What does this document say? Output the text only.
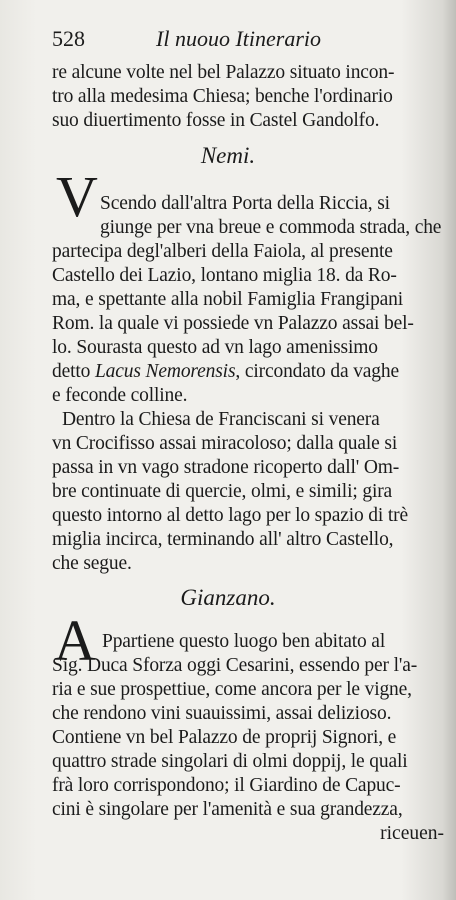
528	Il nuouo Itinerario
re alcune volte nel bel Palazzo situato incon-
tro alla medesima Chiesa; benche l'ordinario
suo diuertimento fosse in Castel Gandolfo.
Nemi.
V Scendo dall'altra Porta della Riccia, si
giunge per vna breue e commoda strada, che
partecipa degl'alberi della Faiola, al presente
Castello dei Lazio, lontano miglia 18. da Ro-
ma, e spettante alla nobil Famiglia Frangipani
Rom. la quale vi possiede vn Palazzo assai bel-
lo. Sourasta questo ad vn lago amenissimo
detto Lacus Nemorensis, circondato da vaghe
e feconde colline.
Dentro la Chiesa de Franciscani si venera
vn Crocifisso assai miracoloso; dalla quale si
passa in vn vago stradone ricoperto dall' Om-
bre continuate di quercie, olmi, e simili; gira
questo intorno al detto lago per lo spazio di trè
miglia incirca, terminando all' altro Castello,
che segue.
Gianzano.
A Ppartiene questo luogo ben abitato al
Sig. Duca Sforza oggi Cesarini, essendo per l'a-
ria e sue prospettiue, come ancora per le vigne,
che rendono vini suauissimi, assai delizioso.
Contiene vn bel Palazzo de proprij Signori, e
quattro strade singolari di olmi doppij, le quali
frà loro corrispondono; il Giardino de Capuc-
cini è singolare per l'amenità e sua grandezza,
riceuen-
